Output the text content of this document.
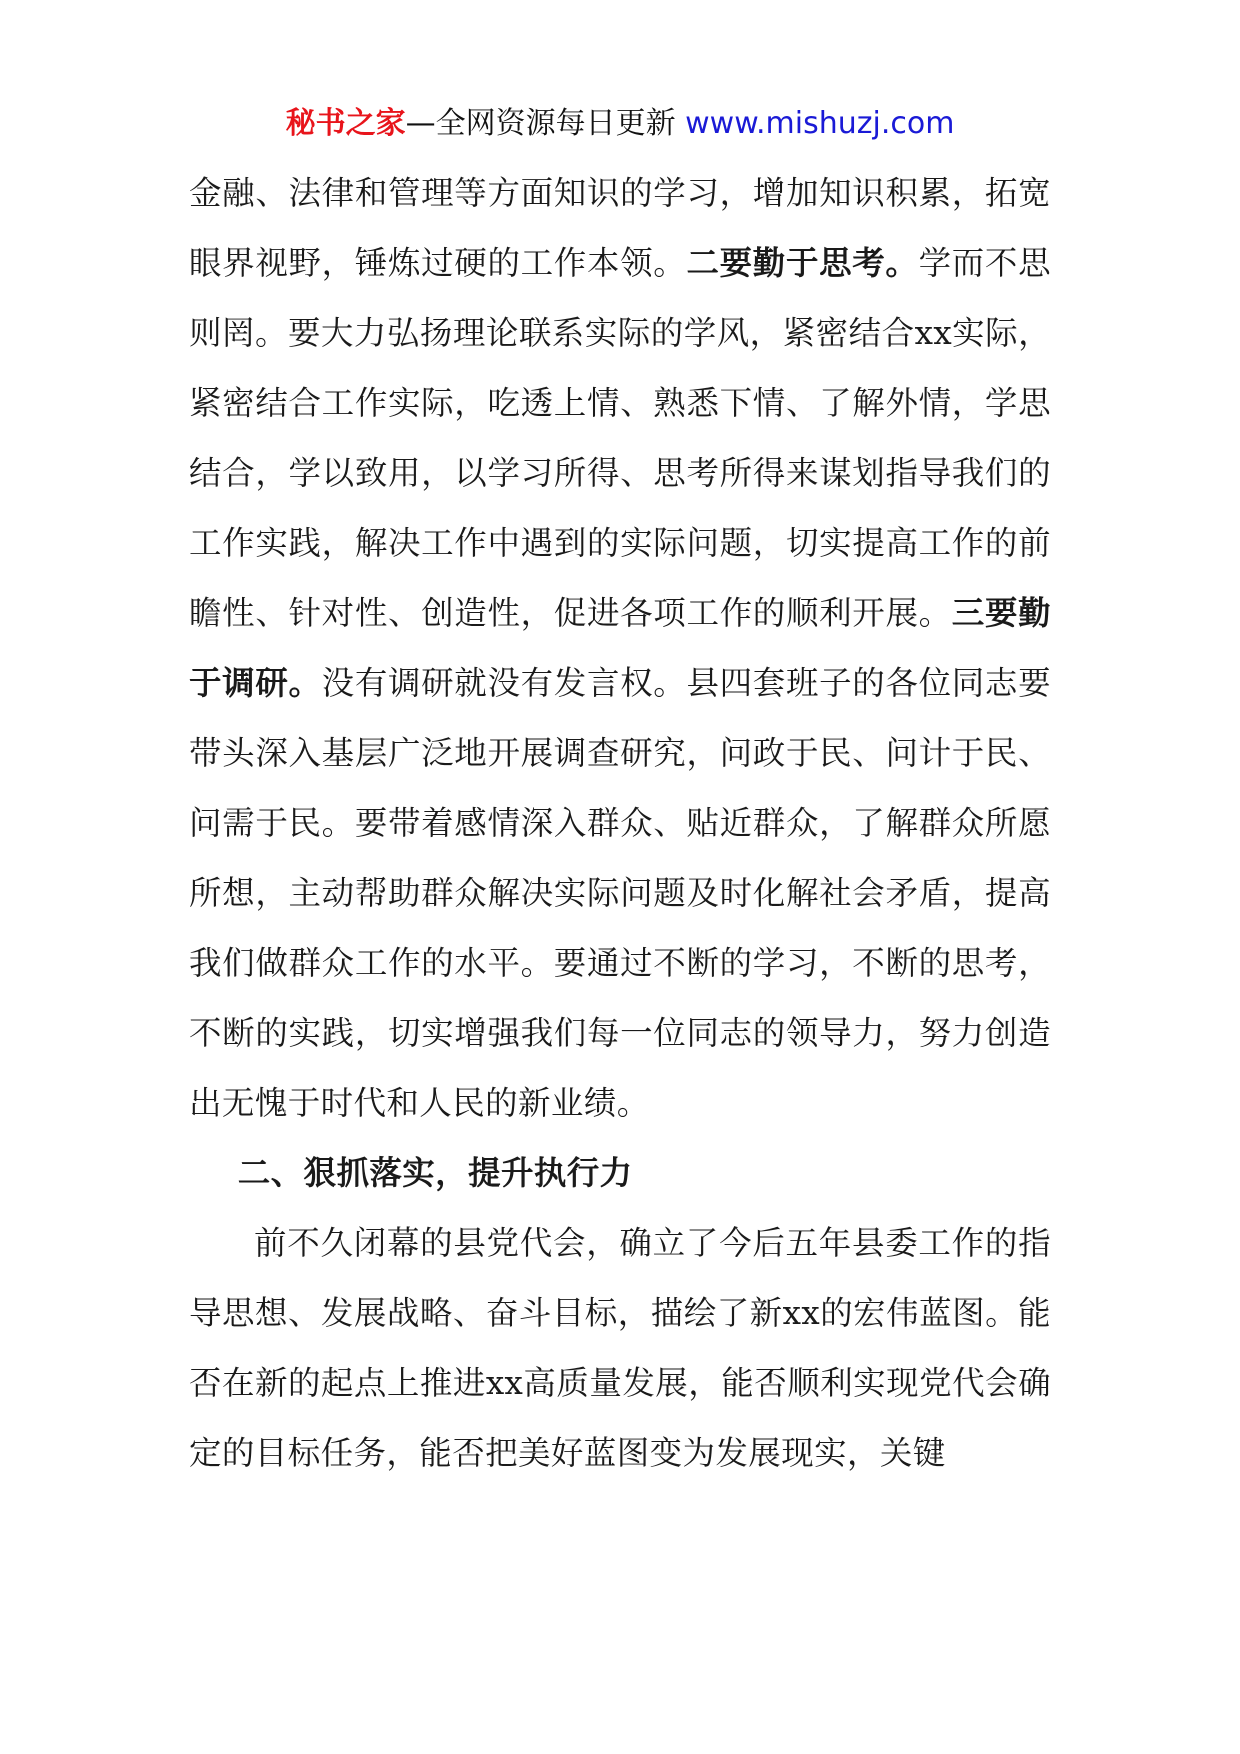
秘书之家—全网资源每日更新 www.mishuzj.com

金融、法律和管理等方面知识的学习，增加知识积累，拓宽眼界视野，锤炼过硬的工作本领。二要勤于思考。学而不思则罔。要大力弘扬理论联系实际的学风，紧密结合xx实际，紧密结合工作实际，吃透上情、熟悉下情、了解外情，学思结合，学以致用，以学习所得、思考所得来谋划指导我们的工作实践，解决工作中遇到的实际问题，切实提高工作的前瞻性、针对性、创造性，促进各项工作的顺利开展。三要勤于调研。没有调研就没有发言权。县四套班子的各位同志要带头深入基层广泛地开展调查研究，问政于民、问计于民、问需于民。要带着感情深入群众、贴近群众，了解群众所愿所想，主动帮助群众解决实际问题及时化解社会矛盾，提高我们做群众工作的水平。要通过不断的学习，不断的思考，不断的实践，切实增强我们每一位同志的领导力，努力创造出无愧于时代和人民的新业绩。

二、狠抓落实，提升执行力

前不久闭幕的县党代会，确立了今后五年县委工作的指导思想、发展战略、奋斗目标，描绘了新xx的宏伟蓝图。能否在新的起点上推进xx高质量发展，能否顺利实现党代会确定的目标任务，能否把美好蓝图变为发展现实，关键
